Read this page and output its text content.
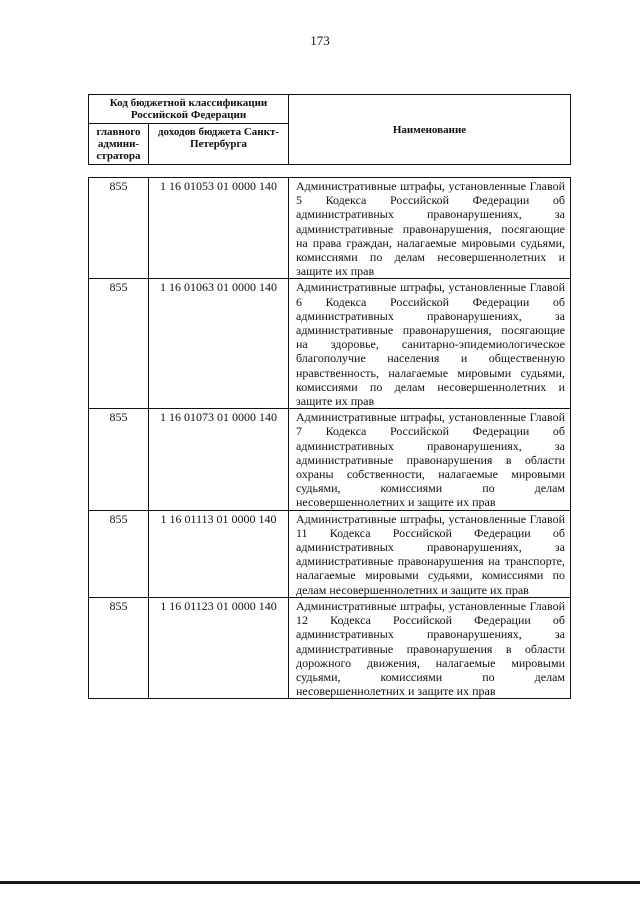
173
Код бюджетной классификации Российской Федерации		Наименование
главного админи-стратора	доходов бюджета Санкт-Петербурга	
855	1 16 01053 01 0000 140	Административные штрафы, установленные Главой 5 Кодекса Российской Федерации об административных правонарушениях, за административные правонарушения, посягающие на права граждан, налагаемые мировыми судьями, комиссиями по делам несовершеннолетних и защите их прав
855	1 16 01063 01 0000 140	Административные штрафы, установленные Главой 6 Кодекса Российской Федерации об административных правонарушениях, за административные правонарушения, посягающие на здоровье, санитарно-эпидемиологическое благополучие населения и общественную нравственность, налагаемые мировыми судьями, комиссиями по делам несовершеннолетних и защите их прав
855	1 16 01073 01 0000 140	Административные штрафы, установленные Главой 7 Кодекса Российской Федерации об административных правонарушениях, за административные правонарушения в области охраны собственности, налагаемые мировыми судьями, комиссиями по делам несовершеннолетних и защите их прав
855	1 16 01113 01 0000 140	Административные штрафы, установленные Главой 11 Кодекса Российской Федерации об административных правонарушениях, за административные правонарушения на транспорте, налагаемые мировыми судьями, комиссиями по делам несовершеннолетних и защите их прав
855	1 16 01123 01 0000 140	Административные штрафы, установленные Главой 12 Кодекса Российской Федерации об административных правонарушениях, за административные правонарушения в области дорожного движения, налагаемые мировыми судьями, комиссиями по делам несовершеннолетних и защите их прав
